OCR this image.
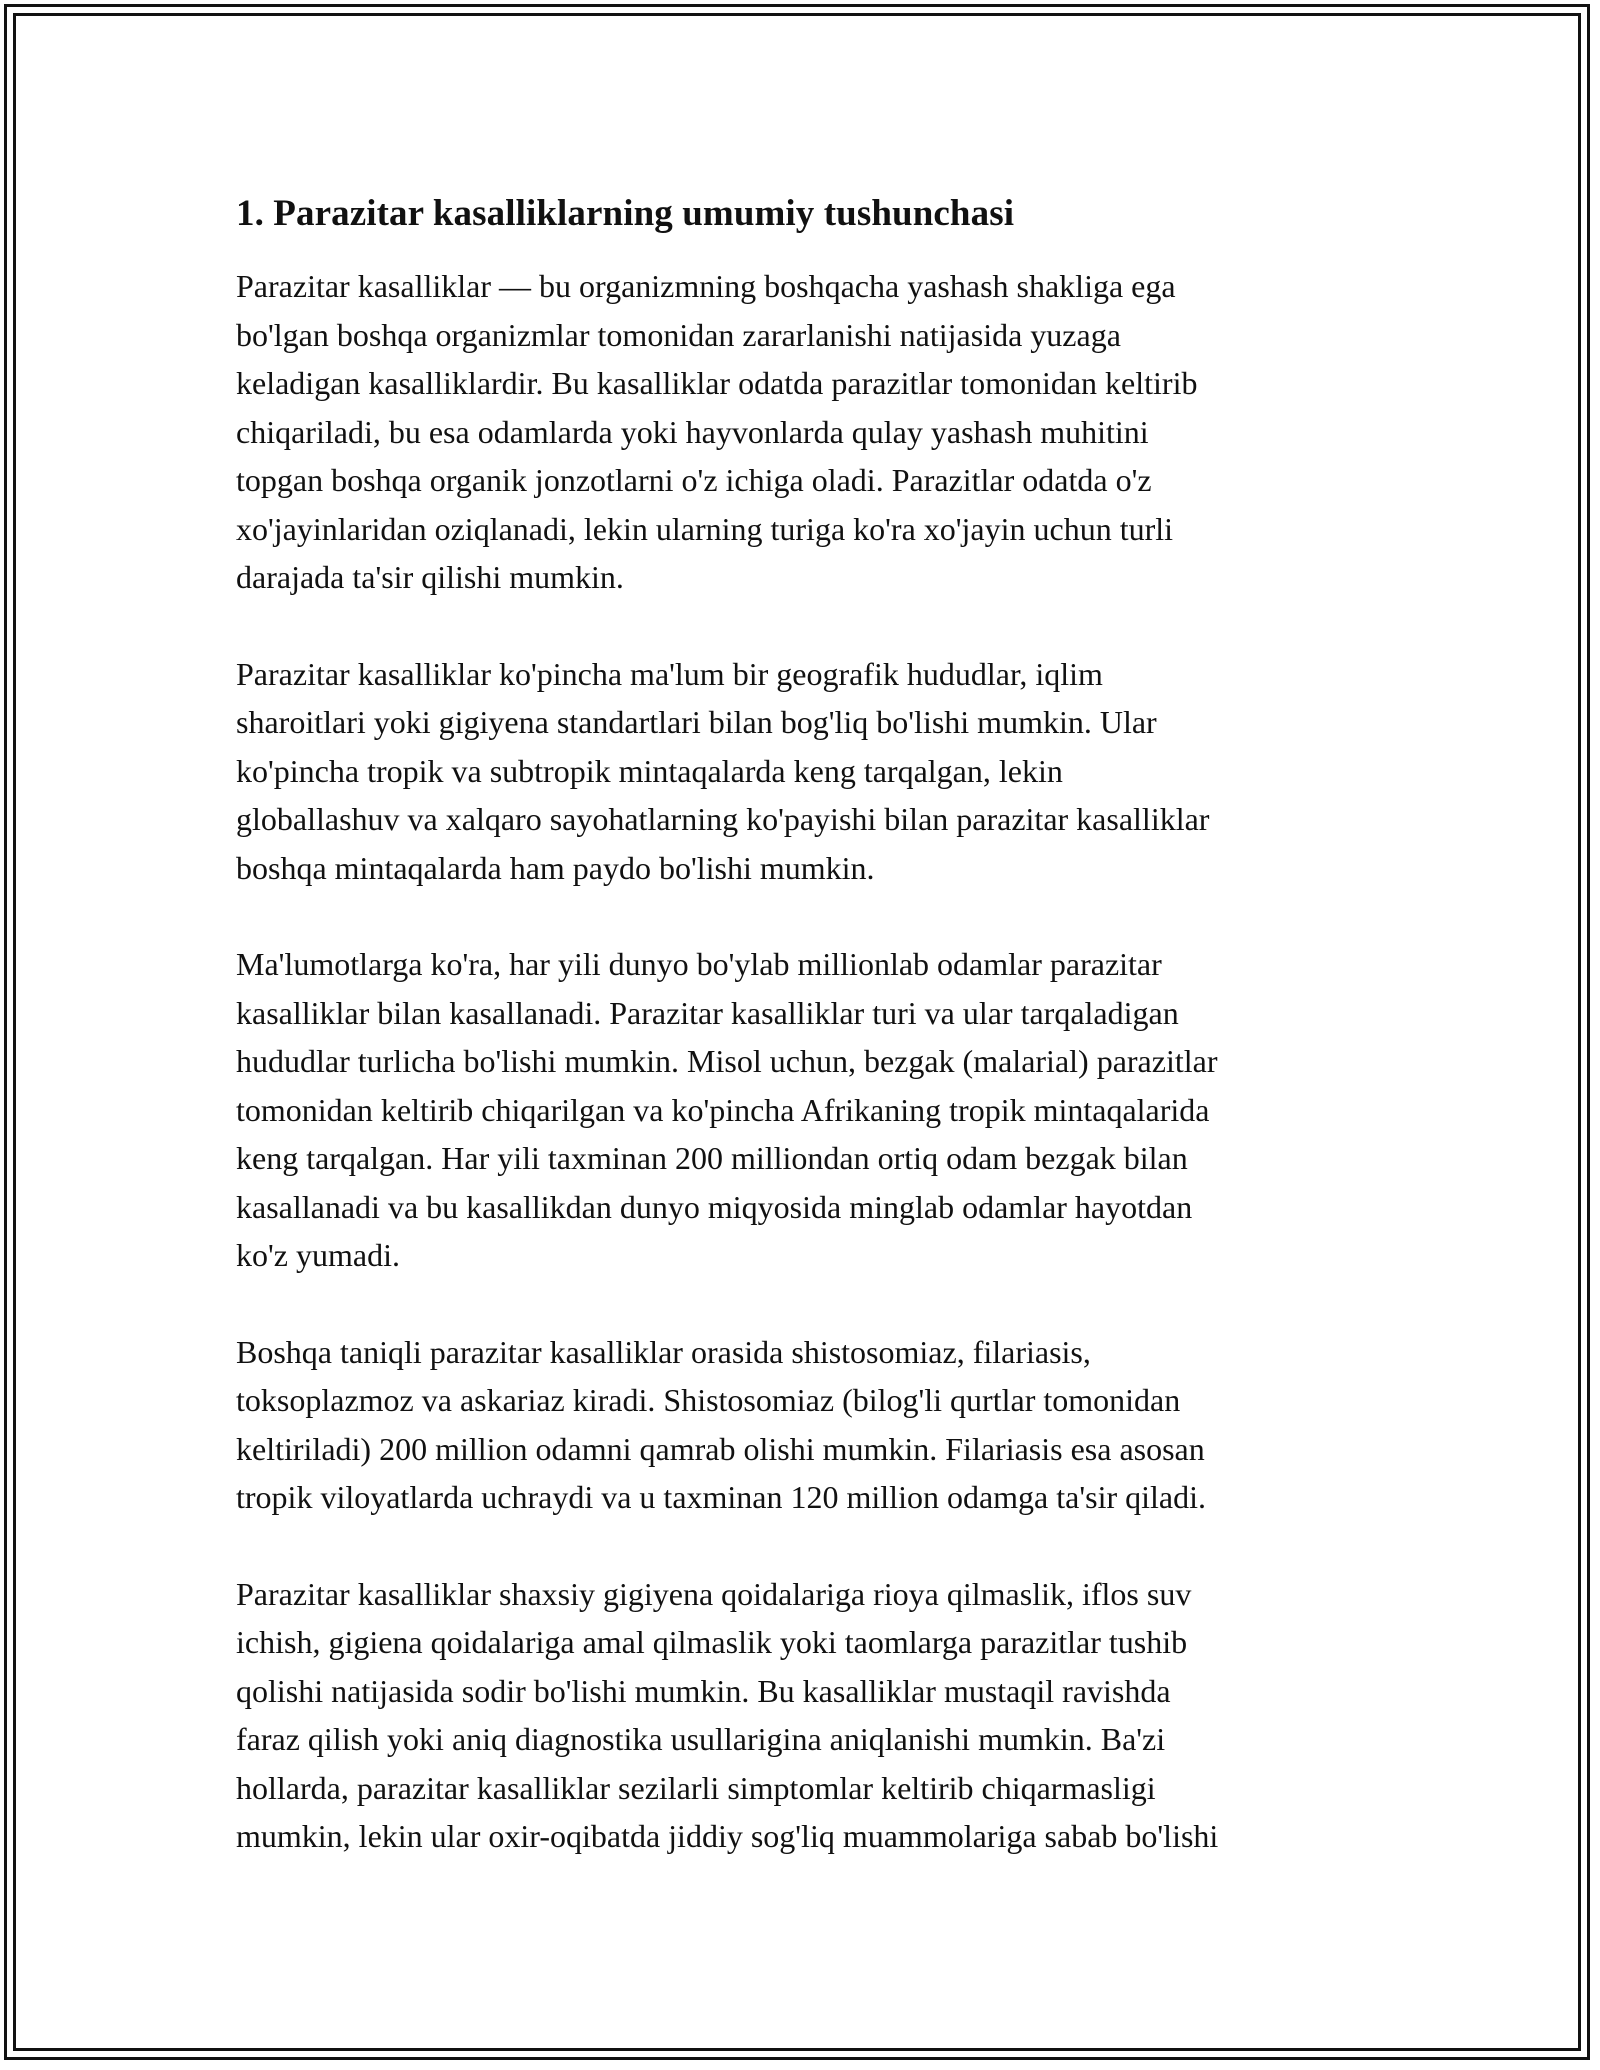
1. Parazitar kasalliklarning umumiy tushunchasi

Parazitar kasalliklar — bu organizmning boshqacha yashash shakliga ega
bo'lgan boshqa organizmlar tomonidan zararlanishi natijasida yuzaga
keladigan kasalliklardir. Bu kasalliklar odatda parazitlar tomonidan keltirib
chiqariladi, bu esa odamlarda yoki hayvonlarda qulay yashash muhitini
topgan boshqa organik jonzotlarni o'z ichiga oladi. Parazitlar odatda o'z
xo'jayinlaridan oziqlanadi, lekin ularning turiga ko'ra xo'jayin uchun turli
darajada ta'sir qilishi mumkin.

Parazitar kasalliklar ko'pincha ma'lum bir geografik hududlar, iqlim
sharoitlari yoki gigiyena standartlari bilan bog'liq bo'lishi mumkin. Ular
ko'pincha tropik va subtropik mintaqalarda keng tarqalgan, lekin
globallashuv va xalqaro sayohatlarning ko'payishi bilan parazitar kasalliklar
boshqa mintaqalarda ham paydo bo'lishi mumkin.

Ma'lumotlarga ko'ra, har yili dunyo bo'ylab millionlab odamlar parazitar
kasalliklar bilan kasallanadi. Parazitar kasalliklar turi va ular tarqaladigan
hududlar turlicha bo'lishi mumkin. Misol uchun, bezgak (malarial) parazitlar
tomonidan keltirib chiqarilgan va ko'pincha Afrikaning tropik mintaqalarida
keng tarqalgan. Har yili taxminan 200 milliondan ortiq odam bezgak bilan
kasallanadi va bu kasallikdan dunyo miqyosida minglab odamlar hayotdan
ko'z yumadi.

Boshqa taniqli parazitar kasalliklar orasida shistosomiaz, filariasis,
toksoplazmoz va askariaz kiradi. Shistosomiaz (bilog'li qurtlar tomonidan
keltiriladi) 200 million odamni qamrab olishi mumkin. Filariasis esa asosan
tropik viloyatlarda uchraydi va u taxminan 120 million odamga ta'sir qiladi.

Parazitar kasalliklar shaxsiy gigiyena qoidalariga rioya qilmaslik, iflos suv
ichish, gigiena qoidalariga amal qilmaslik yoki taomlarga parazitlar tushib
qolishi natijasida sodir bo'lishi mumkin. Bu kasalliklar mustaqil ravishda
faraz qilish yoki aniq diagnostika usullarigina aniqlanishi mumkin. Ba'zi
hollarda, parazitar kasalliklar sezilarli simptomlar keltirib chiqarmasligi
mumkin, lekin ular oxir-oqibatda jiddiy sog'liq muammolariga sabab bo'lishi
